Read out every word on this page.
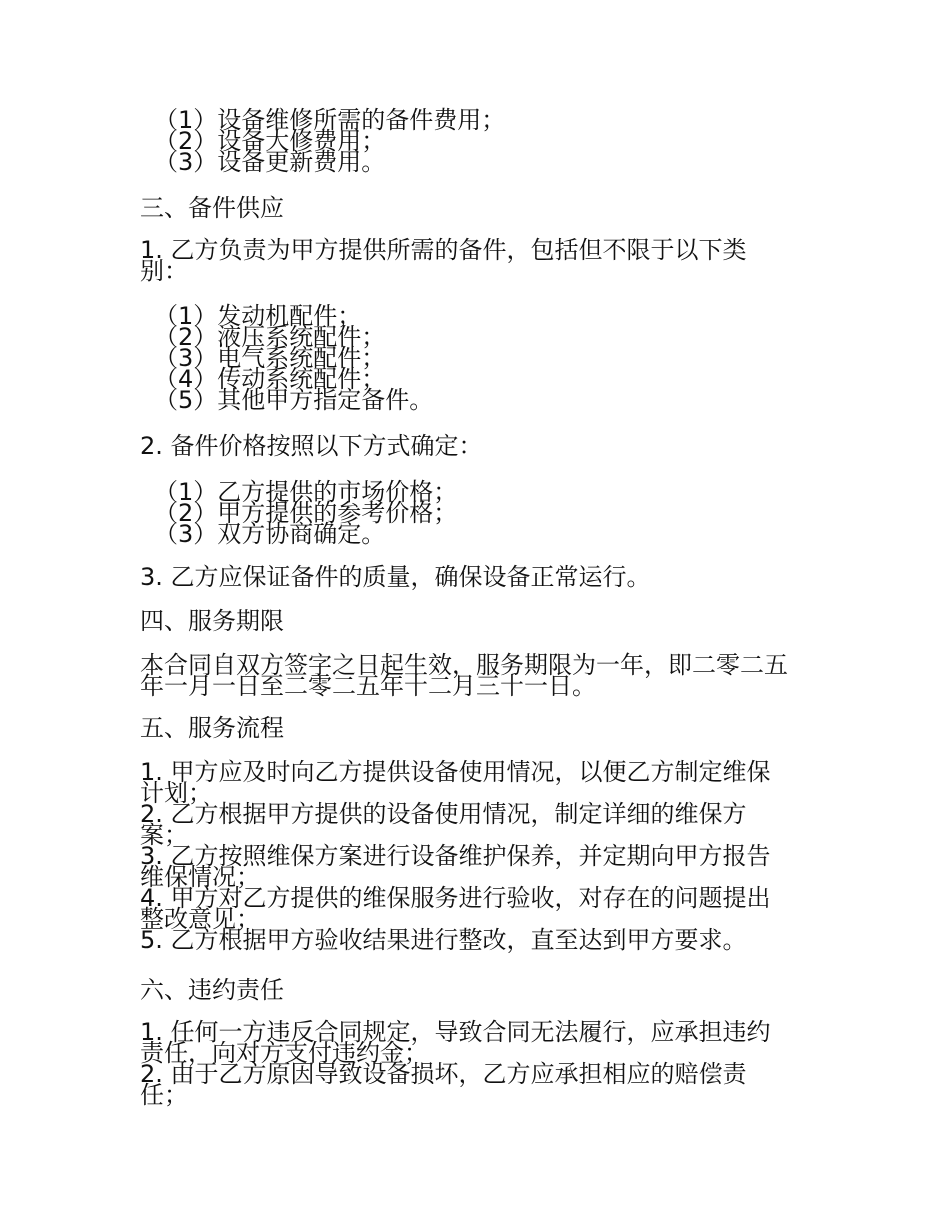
（1）设备维修所需的备件费用；
（2）设备大修费用；
（3）设备更新费用。
三、备件供应
1. 乙方负责为甲方提供所需的备件，包括但不限于以下类
别：
（1）发动机配件；
（2）液压系统配件；
（3）电气系统配件；
（4）传动系统配件；
（5）其他甲方指定备件。
2. 备件价格按照以下方式确定：
（1）乙方提供的市场价格；
（2）甲方提供的参考价格；
（3）双方协商确定。
3. 乙方应保证备件的质量，确保设备正常运行。
四、服务期限
本合同自双方签字之日起生效，服务期限为一年，即二零二五
年一月一日至二零二五年十二月三十一日。
五、服务流程
1. 甲方应及时向乙方提供设备使用情况，以便乙方制定维保
计划；
2. 乙方根据甲方提供的设备使用情况，制定详细的维保方
案；
3. 乙方按照维保方案进行设备维护保养，并定期向甲方报告
维保情况；
4. 甲方对乙方提供的维保服务进行验收，对存在的问题提出
整改意见；
5. 乙方根据甲方验收结果进行整改，直至达到甲方要求。
六、违约责任
1. 任何一方违反合同规定，导致合同无法履行，应承担违约
责任，向对方支付违约金；
2. 由于乙方原因导致设备损坏，乙方应承担相应的赔偿责
任；
